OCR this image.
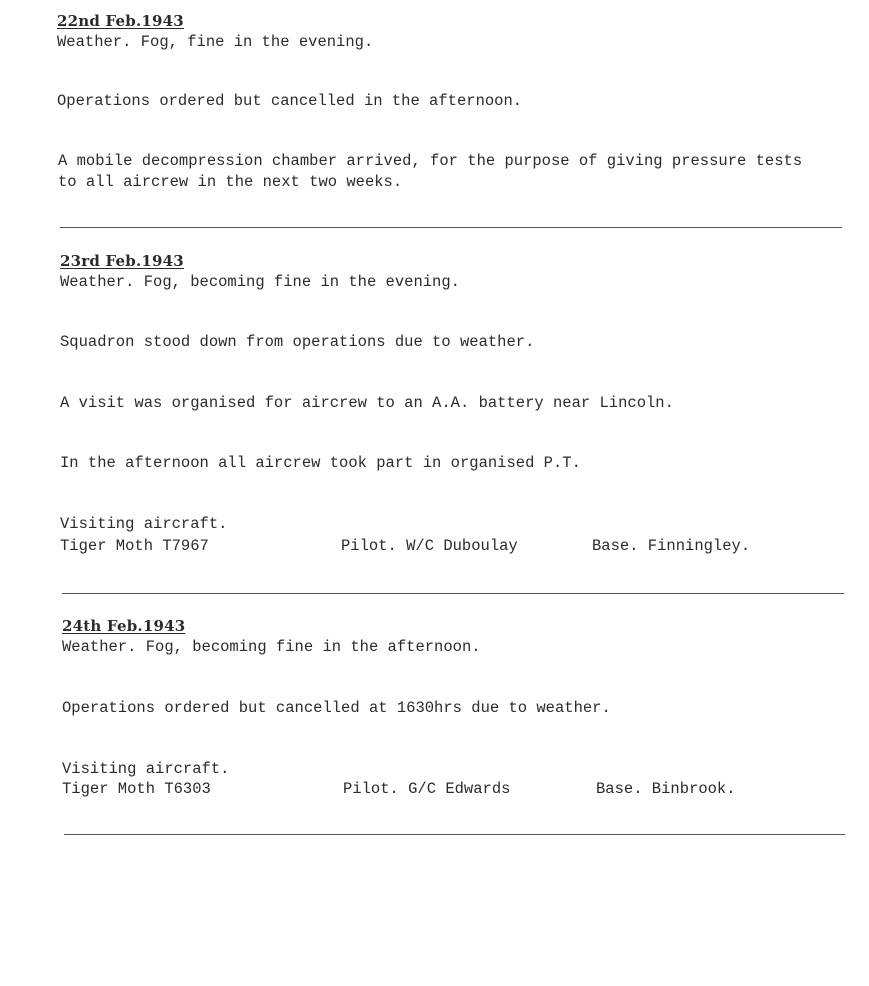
22nd Feb.1943
Weather. Fog, fine in the evening.
Operations ordered but cancelled in the afternoon.
A mobile decompression chamber arrived, for the purpose of giving pressure tests
to all aircrew in the next two weeks.
23rd Feb.1943
Weather. Fog, becoming fine in the evening.
Squadron stood down from operations due to weather.
A visit was organised for aircrew to an A.A. battery near Lincoln.
In the afternoon all aircrew took part in organised P.T.
Visiting aircraft.
Tiger Moth T7967	Pilot. W/C Duboulay	Base. Finningley.
24th Feb.1943
Weather. Fog, becoming fine in the afternoon.
Operations ordered but cancelled at 1630hrs due to weather.
Visiting aircraft.
Tiger Moth T6303	Pilot. G/C Edwards	Base. Binbrook.
